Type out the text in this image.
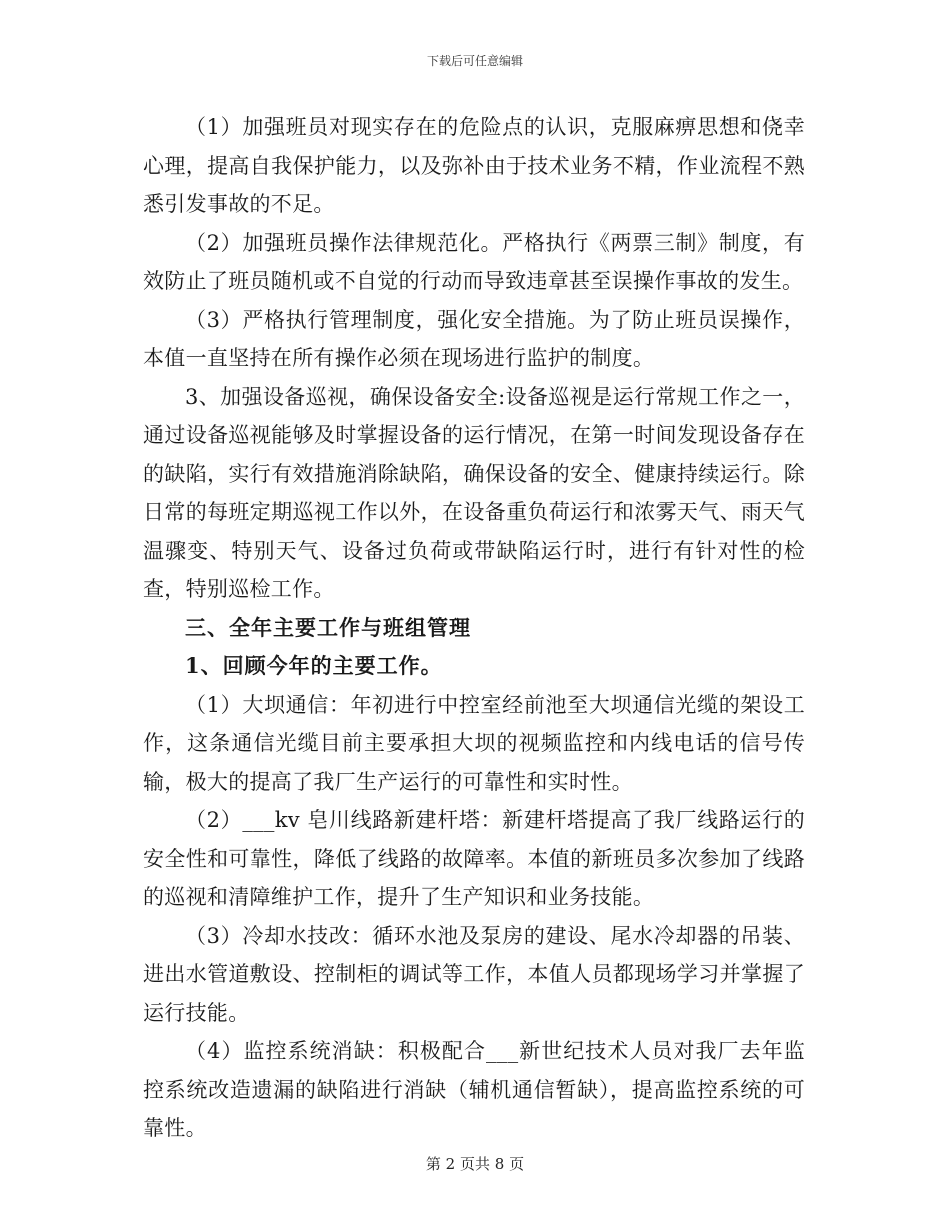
下载后可任意编辑

（1）加强班员对现实存在的危险点的认识，克服麻痹思想和侥幸心理，提高自我保护能力，以及弥补由于技术业务不精，作业流程不熟悉引发事故的不足。

（2）加强班员操作法律规范化。严格执行《两票三制》制度，有效防止了班员随机或不自觉的行动而导致违章甚至误操作事故的发生。

（3）严格执行管理制度，强化安全措施。为了防止班员误操作，本值一直坚持在所有操作必须在现场进行监护的制度。

3、加强设备巡视，确保设备安全:设备巡视是运行常规工作之一，通过设备巡视能够及时掌握设备的运行情况，在第一时间发现设备存在的缺陷，实行有效措施消除缺陷，确保设备的安全、健康持续运行。除日常的每班定期巡视工作以外，在设备重负荷运行和浓雾天气、雨天气温骤变、特别天气、设备过负荷或带缺陷运行时，进行有针对性的检查，特别巡检工作。

三、全年主要工作与班组管理

1、回顾今年的主要工作。

（1）大坝通信：年初进行中控室经前池至大坝通信光缆的架设工作，这条通信光缆目前主要承担大坝的视频监控和内线电话的信号传输，极大的提高了我厂生产运行的可靠性和实时性。

（2）___kv 皂川线路新建杆塔：新建杆塔提高了我厂线路运行的安全性和可靠性，降低了线路的故障率。本值的新班员多次参加了线路的巡视和清障维护工作，提升了生产知识和业务技能。

（3）冷却水技改：循环水池及泵房的建设、尾水冷却器的吊装、进出水管道敷设、控制柜的调试等工作，本值人员都现场学习并掌握了运行技能。

（4）监控系统消缺：积极配合___新世纪技术人员对我厂去年监控系统改造遗漏的缺陷进行消缺（辅机通信暂缺），提高监控系统的可靠性。

第 2 页共 8 页
